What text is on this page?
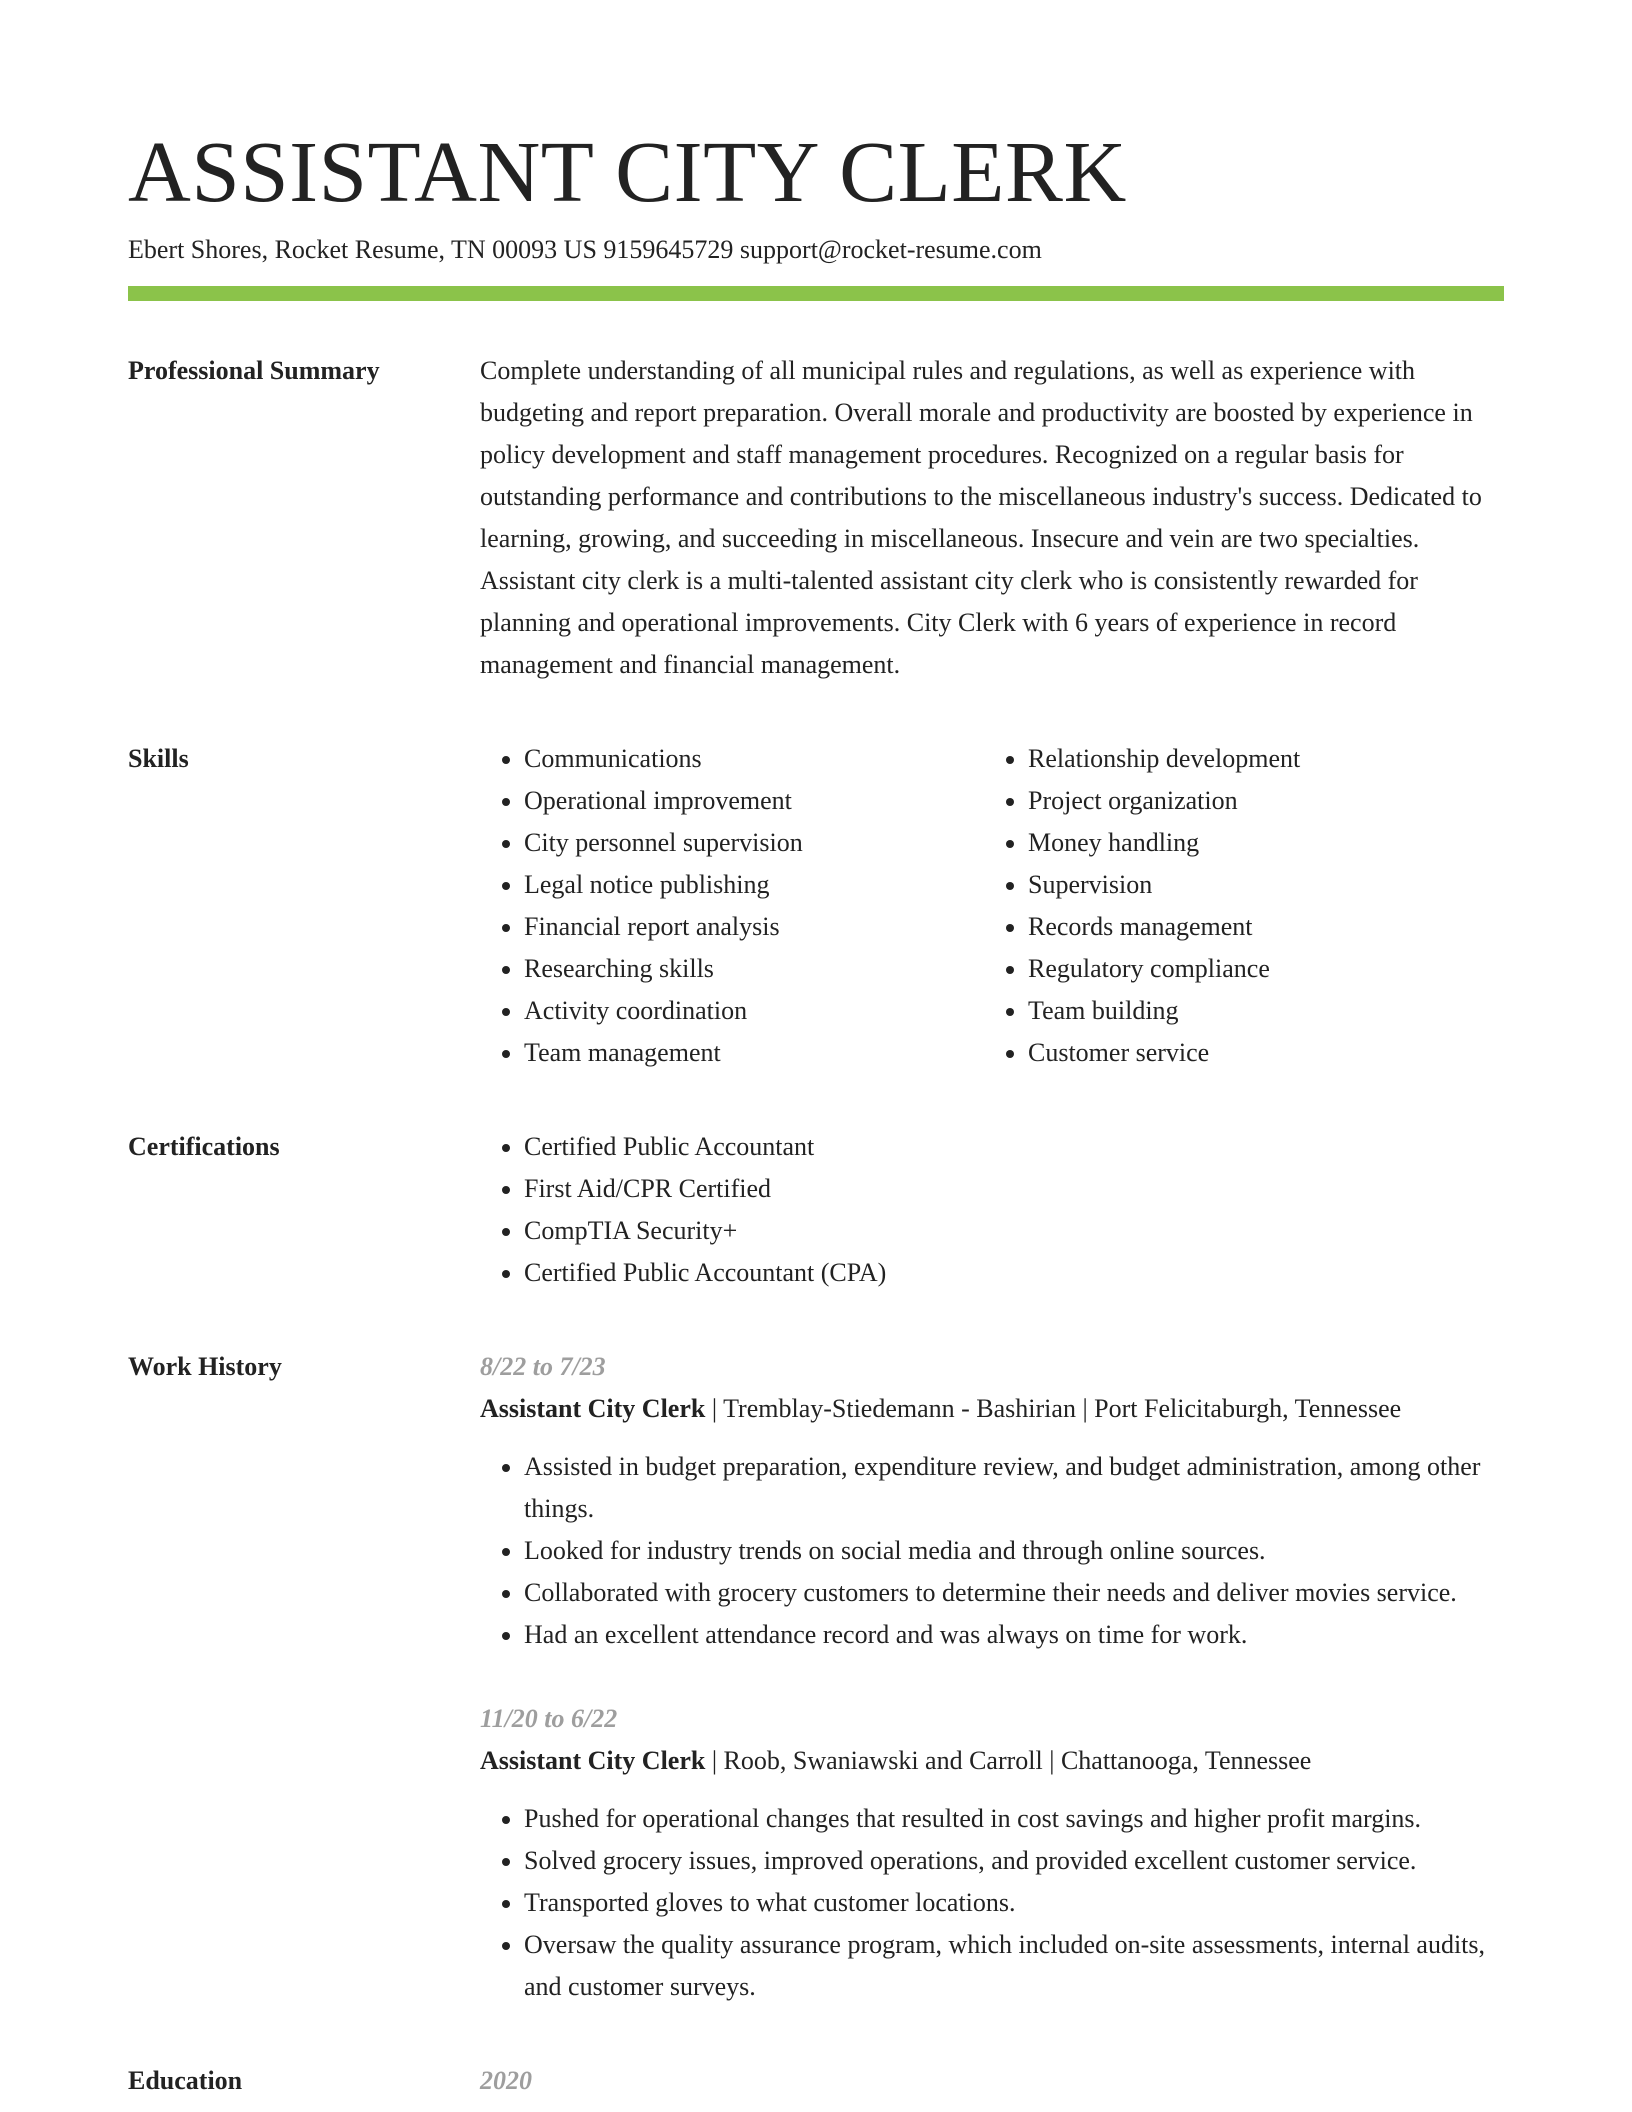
ASSISTANT CITY CLERK
Ebert Shores, Rocket Resume, TN 00093 US 9159645729 support@rocket-resume.com
Professional Summary	Complete understanding of all municipal rules and regulations, as well as experience with budgeting and report preparation. Overall morale and productivity are boosted by experience in policy development and staff management procedures. Recognized on a regular basis for outstanding performance and contributions to the miscellaneous industry's success. Dedicated to learning, growing, and succeeding in miscellaneous. Insecure and vein are two specialties. Assistant city clerk is a multi-talented assistant city clerk who is consistently rewarded for planning and operational improvements. City Clerk with 6 years of experience in record management and financial management.

Skills	• Communications
• Operational improvement
• City personnel supervision
• Legal notice publishing
• Financial report analysis
• Researching skills
• Activity coordination
• Team management
• Relationship development
• Project organization
• Money handling
• Supervision
• Records management
• Regulatory compliance
• Team building
• Customer service
Certifications	• Certified Public Accountant
• First Aid/CPR Certified
• CompTIA Security+
• Certified Public Accountant (CPA)
Work History	8/22 to 7/23
Assistant City Clerk | Tremblay-Stiedemann - Bashirian | Port Felicitaburgh, Tennessee
• Assisted in budget preparation, expenditure review, and budget administration, among other things.
• Looked for industry trends on social media and through online sources.
• Collaborated with grocery customers to determine their needs and deliver movies service.
• Had an excellent attendance record and was always on time for work.
11/20 to 6/22
Assistant City Clerk | Roob, Swaniawski and Carroll | Chattanooga, Tennessee
• Pushed for operational changes that resulted in cost savings and higher profit margins.
• Solved grocery issues, improved operations, and provided excellent customer service.
• Transported gloves to what customer locations.
• Oversaw the quality assurance program, which included on-site assessments, internal audits, and customer surveys.
Education	2020
